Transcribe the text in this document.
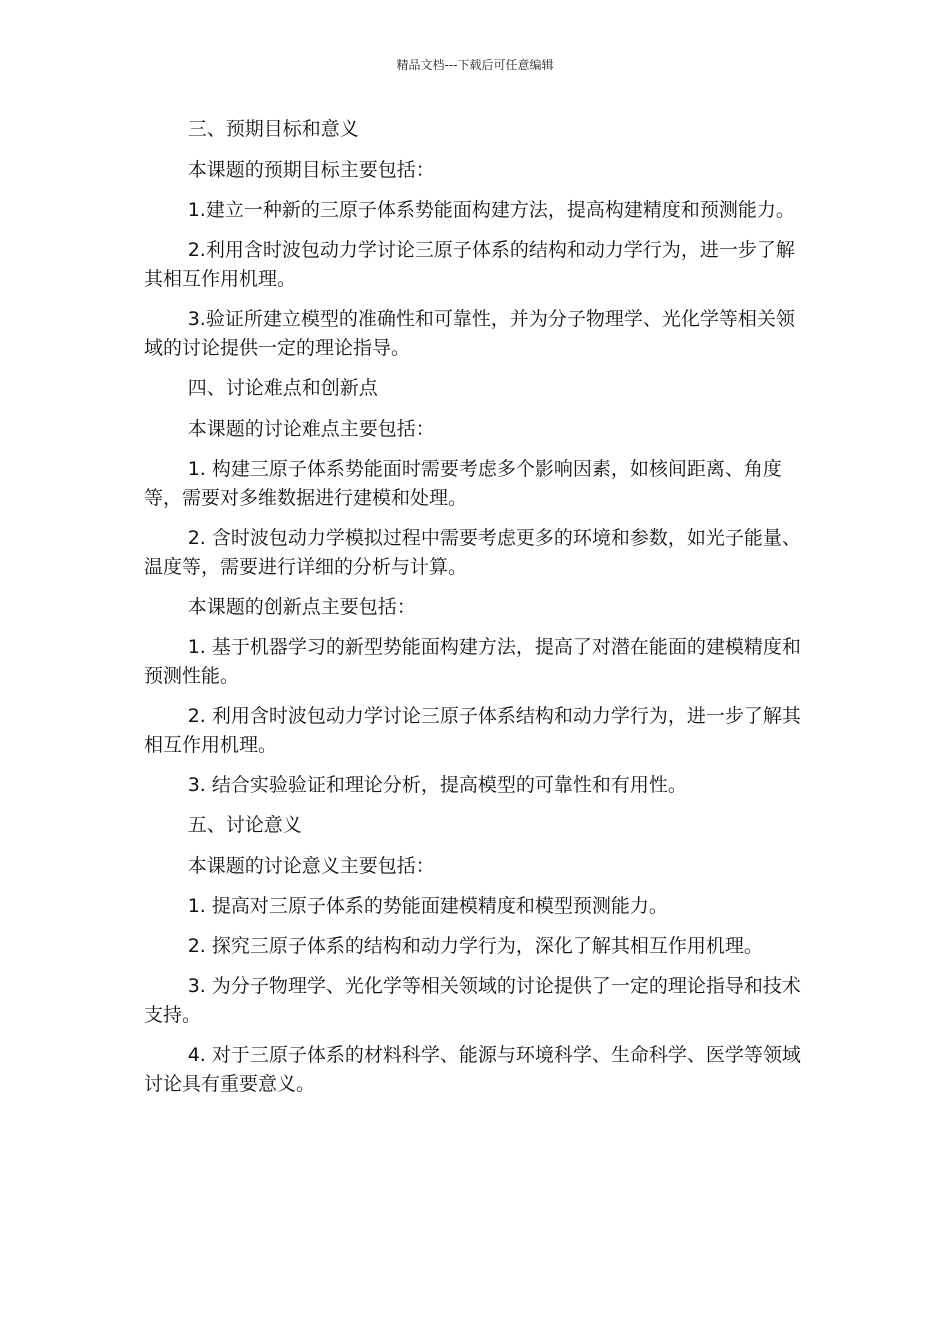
精品文档---下载后可任意编辑

三、预期目标和意义

本课题的预期目标主要包括：

1.建立一种新的三原子体系势能面构建方法，提高构建精度和预测能力。

2.利用含时波包动力学讨论三原子体系的结构和动力学行为，进一步了解其相互作用机理。

3.验证所建立模型的准确性和可靠性，并为分子物理学、光化学等相关领域的讨论提供一定的理论指导。

四、讨论难点和创新点

本课题的讨论难点主要包括：

1. 构建三原子体系势能面时需要考虑多个影响因素，如核间距离、角度等，需要对多维数据进行建模和处理。

2. 含时波包动力学模拟过程中需要考虑更多的环境和参数，如光子能量、温度等，需要进行详细的分析与计算。

本课题的创新点主要包括：

1. 基于机器学习的新型势能面构建方法，提高了对潜在能面的建模精度和预测性能。

2. 利用含时波包动力学讨论三原子体系结构和动力学行为，进一步了解其相互作用机理。

3. 结合实验验证和理论分析，提高模型的可靠性和有用性。

五、讨论意义

本课题的讨论意义主要包括：

1. 提高对三原子体系的势能面建模精度和模型预测能力。

2. 探究三原子体系的结构和动力学行为，深化了解其相互作用机理。

3. 为分子物理学、光化学等相关领域的讨论提供了一定的理论指导和技术支持。

4. 对于三原子体系的材料科学、能源与环境科学、生命科学、医学等领域讨论具有重要意义。
